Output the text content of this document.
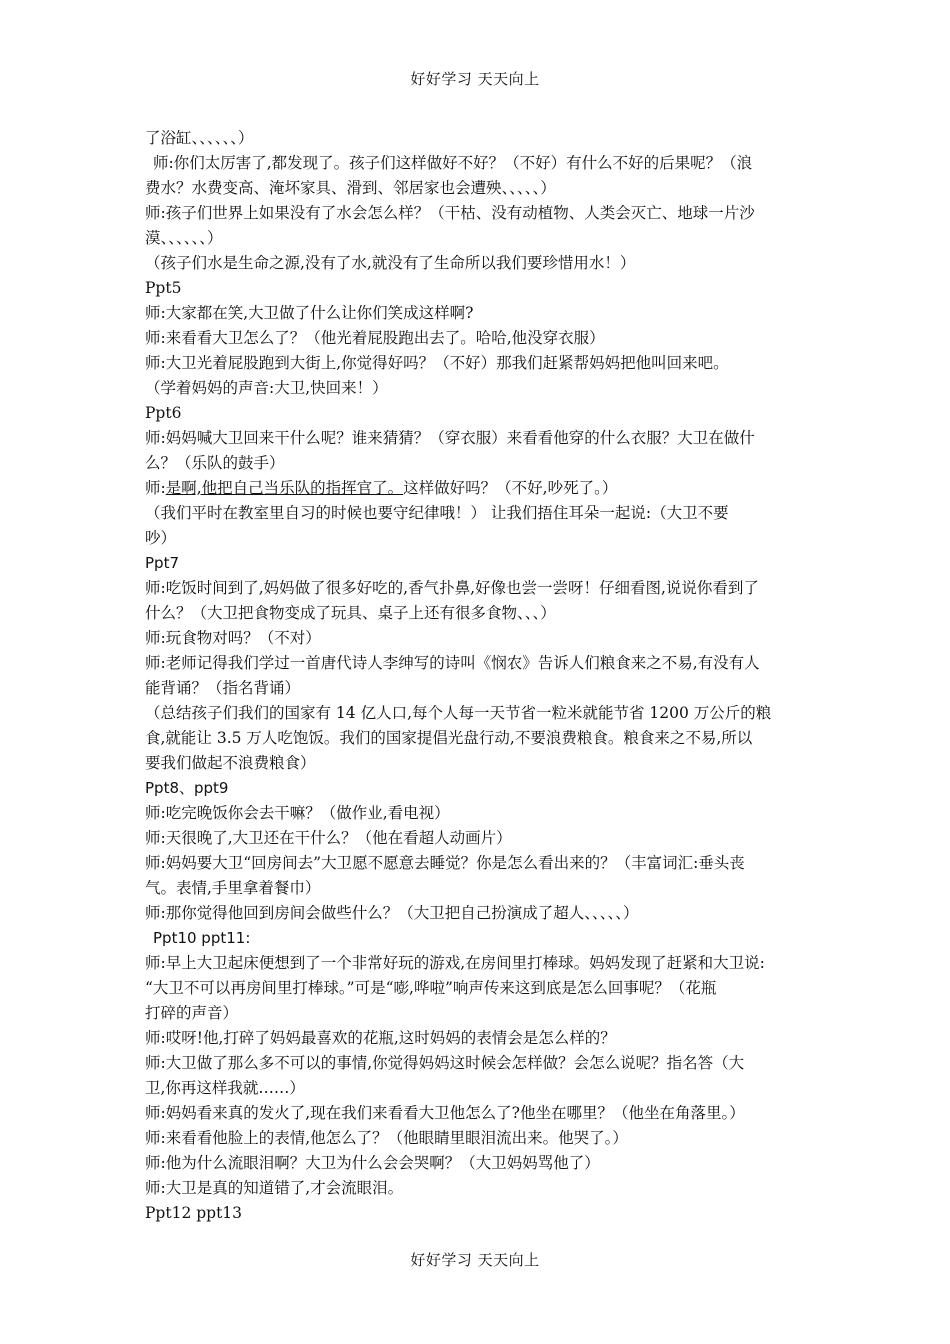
好好学习 天天向上
了浴缸、、、、、、）
师:你们太厉害了,都发现了。孩子们这样做好不好？（不好）有什么不好的后果呢？（浪
费水？水费变高、淹坏家具、滑到、邻居家也会遭殃、、、、、）
师:孩子们世界上如果没有了水会怎么样？（干枯、没有动植物、人类会灭亡、地球一片沙
漠、、、、、、）
（孩子们水是生命之源,没有了水,就没有了生命所以我们要珍惜用水！）
Ppt5
师:大家都在笑,大卫做了什么让你们笑成这样啊?
师:来看看大卫怎么了？（他光着屁股跑出去了。哈哈,他没穿衣服）
师:大卫光着屁股跑到大街上,你觉得好吗？（不好）那我们赶紧帮妈妈把他叫回来吧。
（学着妈妈的声音:大卫,快回来！）
Ppt6
师:妈妈喊大卫回来干什么呢？谁来猜猜？（穿衣服）来看看他穿的什么衣服？大卫在做什
么？（乐队的鼓手）
师:是啊,他把自己当乐队的指挥官了。这样做好吗？（不好,吵死了。）
（我们平时在教室里自习的时候也要守纪律哦！） 让我们捂住耳朵一起说:（大卫不要
吵）
Ppt7
师:吃饭时间到了,妈妈做了很多好吃的,香气扑鼻,好像也尝一尝呀！仔细看图,说说你看到了
什么？（大卫把食物变成了玩具、桌子上还有很多食物、、、）
师:玩食物对吗？（不对）
师:老师记得我们学过一首唐代诗人李绅写的诗叫《悯农》告诉人们粮食来之不易,有没有人
能背诵？（指名背诵）
（总结孩子们我们的国家有 14 亿人口,每个人每一天节省一粒米就能节省 1200 万公斤的粮
食,就能让 3.5 万人吃饱饭。我们的国家提倡光盘行动,不要浪费粮食。粮食来之不易,所以
要我们做起不浪费粮食）
Ppt8、ppt9
师:吃完晚饭你会去干嘛？（做作业,看电视）
师:天很晚了,大卫还在干什么？（他在看超人动画片）
师:妈妈要大卫“回房间去”大卫愿不愿意去睡觉？你是怎么看出来的？（丰富词汇:垂头丧
气。表情,手里拿着餐巾）
师:那你觉得他回到房间会做些什么？（大卫把自己扮演成了超人、、、、、）
Ppt10 ppt11:
师:早上大卫起床便想到了一个非常好玩的游戏,在房间里打棒球。妈妈发现了赶紧和大卫说:
“大卫不可以再房间里打棒球。”可是“嘭,哗啦”响声传来这到底是怎么回事呢？（花瓶
打碎的声音）
师:哎呀!他,打碎了妈妈最喜欢的花瓶,这时妈妈的表情会是怎么样的？
师:大卫做了那么多不可以的事情,你觉得妈妈这时候会怎样做？会怎么说呢？指名答（大
卫,你再这样我就……）
师:妈妈看来真的发火了,现在我们来看看大卫他怎么了?他坐在哪里？（他坐在角落里。）
师:来看看他脸上的表情,他怎么了？（他眼睛里眼泪流出来。他哭了。）
师:他为什么流眼泪啊？大卫为什么会会哭啊？（大卫妈妈骂他了）
师:大卫是真的知道错了,才会流眼泪。
Ppt12 ppt13
好好学习 天天向上
